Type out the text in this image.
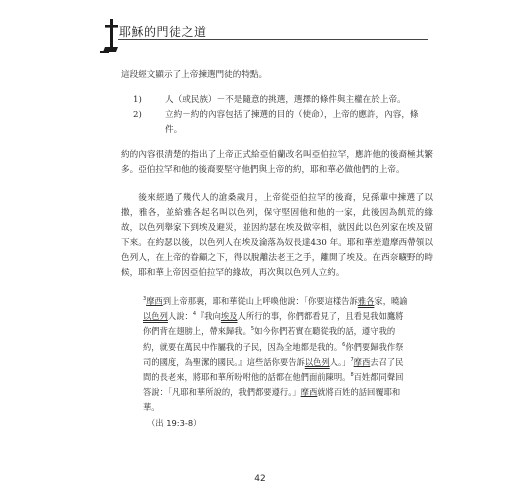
耶穌的門徒之道

這段經文顯示了上帝揀選門徒的特點。

1)	人（或民族）－不是隨意的挑選，選擇的條件與主權在於上帝。
2)	立約－約的內容包括了揀選的目的（使命），上帝的應許，內容，條件。

約的內容很清楚的指出了上帝正式給亞伯蘭改名叫亞伯拉罕，應許他的後裔極其繁多。亞伯拉罕和他的後裔要堅守他們與上帝的約，耶和華必做他們的上帝。

後來經過了幾代人的滄桑歲月，上帝從亞伯拉罕的後裔，兒孫輩中揀選了以撒，雅各，並給雅各起名叫以色列，保守堅固他和他的一家，此後因為飢荒的緣故，以色列舉家下到埃及避災，並因約瑟在埃及做宰相，就因此以色列家在埃及留下來。在約瑟以後，以色列人在埃及淪落為奴長達430 年。耶和華差遣摩西帶領以色列人，在上帝的眷顧之下，得以脫離法老王之手，離開了埃及。在西奈曠野的時候，耶和華上帝因亞伯拉罕的緣故，再次與以色列人立約。

$^3$摩西到上帝那裏，耶和華從山上呼喚他說：「你要這樣告訴雅各家，曉諭以色列人說：$^4$『我向埃及人所行的事，你們都看見了，且看見我如鷹將你們背在翅膀上，帶來歸我。$^5$如今你們若實在聽從我的話，遵守我的約，就要在萬民中作屬我的子民，因為全地都是我的。$^6$你們要歸我作祭司的國度，為聖潔的國民。』這些話你要告訴以色列人。」$^7$摩西去召了民間的長老來，將耶和華所吩咐他的話都在他們面前陳明。$^8$百姓都同聲回答說：「凡耶和華所說的，我們都要遵行。」摩西就將百姓的話回覆耶和華。
（出 19:3-8）
42
